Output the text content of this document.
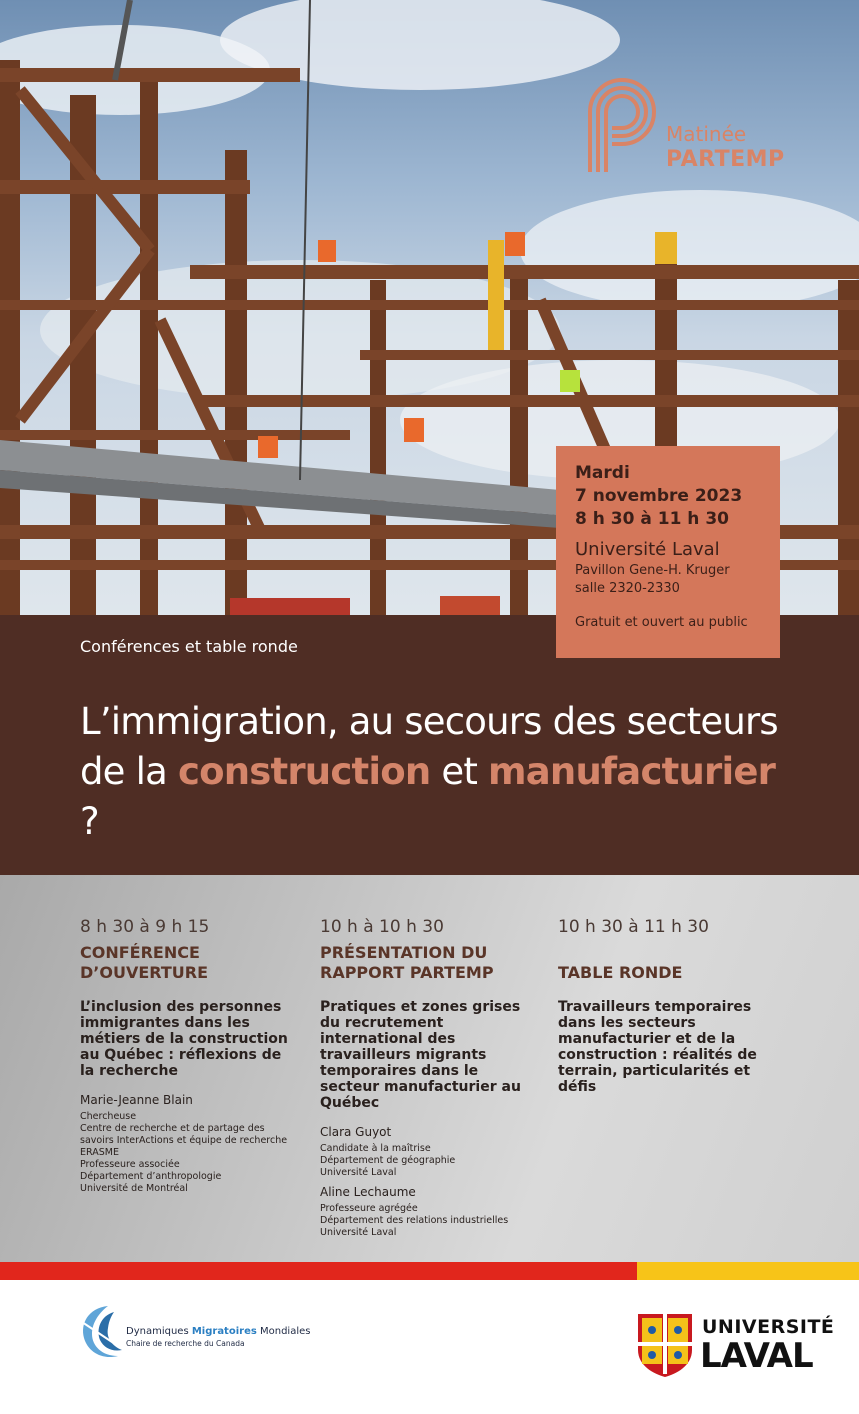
Matinée
PARTEMP
Mardi
7 novembre 2023
8 h 30 à 11 h 30
Université Laval
Pavillon Gene-H. Kruger
salle 2320-2330
Gratuit et ouvert au public
Conférences et table ronde
L’immigration, au secours des secteurs de la construction et manufacturier ?
8 h 30 à 9 h 15
CONFÉRENCE D’OUVERTURE
L’inclusion des personnes immigrantes dans les métiers de la construction au Québec : réflexions de la recherche
Marie-Jeanne Blain
Chercheuse
Centre de recherche et de partage des savoirs InterActions et équipe de recherche ERASME
Professeure associée
Département d’anthropologie
Université de Montréal
10 h à 10 h 30
PRÉSENTATION DU RAPPORT PARTEMP
Pratiques et zones grises du recrutement international des travailleurs migrants temporaires dans le secteur manufacturier au Québec
Clara Guyot
Candidate à la maîtrise
Département de géographie
Université Laval
Aline Lechaume
Professeure agrégée
Département des relations industrielles
Université Laval
10 h 30 à 11 h 30
TABLE RONDE
Travailleurs temporaires dans les secteurs manufacturier et de la construction : réalités de terrain, particularités et défis
Dynamiques Migratoires Mondiales
Chaire de recherche du Canada
UNIVERSITÉ
LAVAL
